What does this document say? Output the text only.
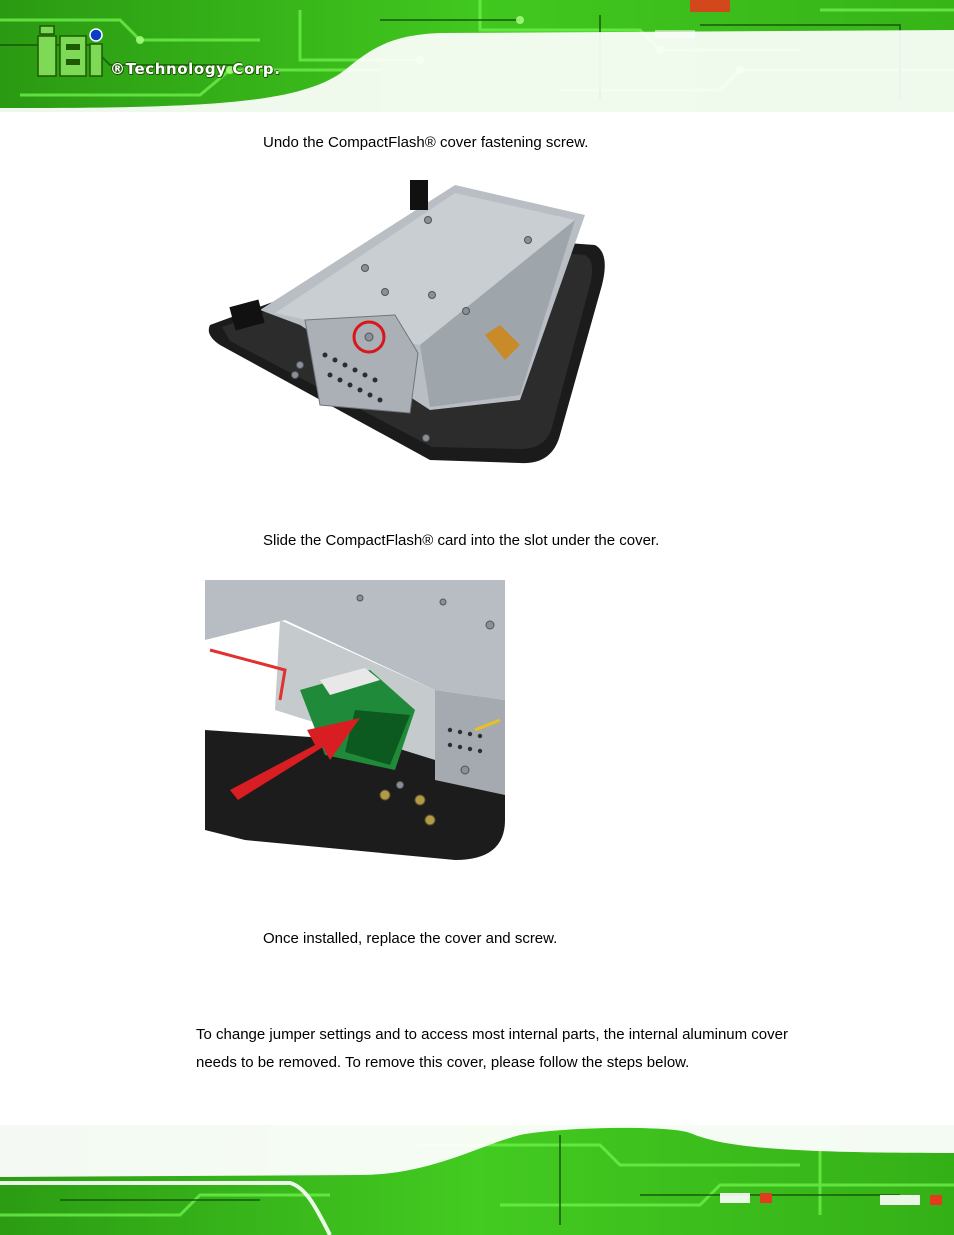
®Technology Corp.
Undo the CompactFlash® cover fastening screw.
Slide the CompactFlash® card into the slot under the cover.
Once installed, replace the cover and screw.
To change jumper settings and to access most internal parts, the internal aluminum cover
needs to be removed. To remove this cover, please follow the steps below.
